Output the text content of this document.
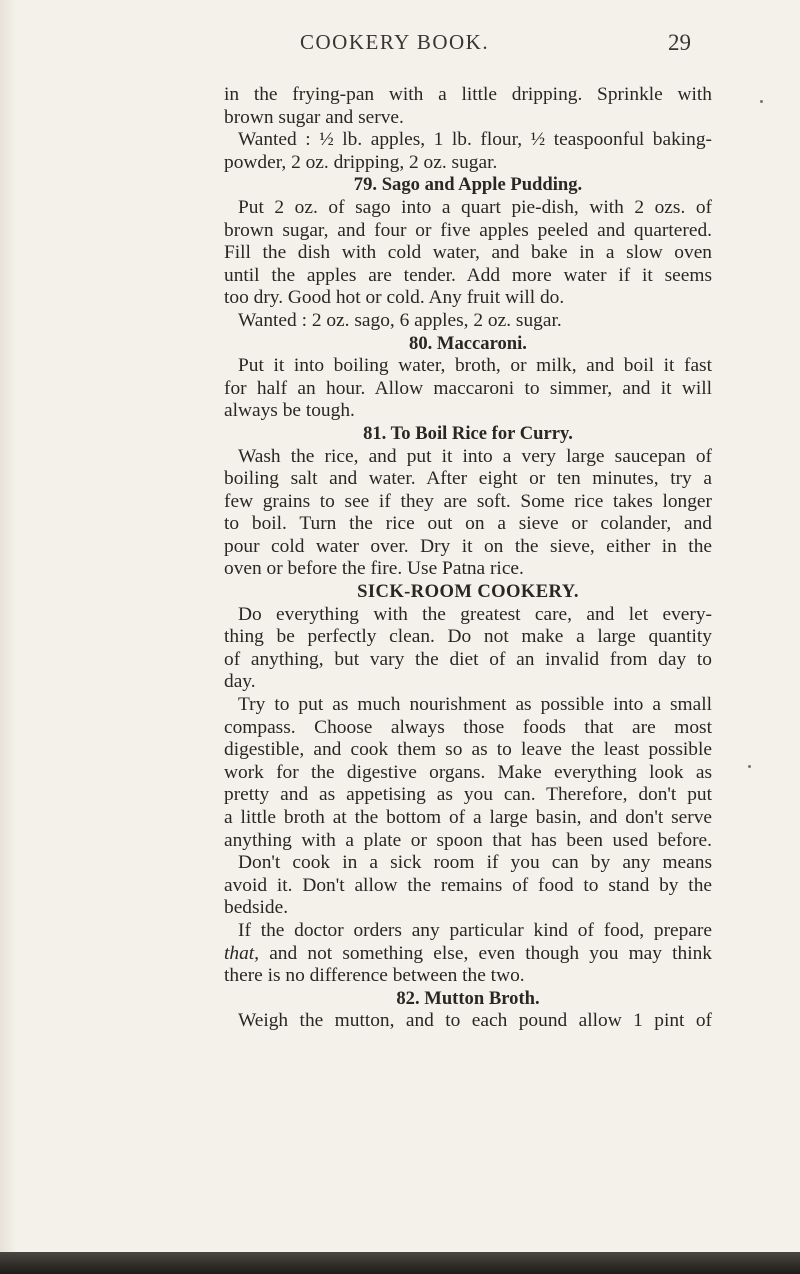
COOKERY BOOK.	29
in the frying-pan with a little dripping. Sprinkle with
brown sugar and serve.
Wanted : ½ lb. apples, 1 lb. flour, ½ teaspoonful baking-
powder, 2 oz. dripping, 2 oz. sugar.
79. Sago and Apple Pudding.
Put 2 oz. of sago into a quart pie-dish, with 2 ozs. of
brown sugar, and four or five apples peeled and quartered.
Fill the dish with cold water, and bake in a slow oven
until the apples are tender. Add more water if it seems
too dry. Good hot or cold. Any fruit will do.
Wanted : 2 oz. sago, 6 apples, 2 oz. sugar.
80. Maccaroni.
Put it into boiling water, broth, or milk, and boil it fast
for half an hour. Allow maccaroni to simmer, and it will
always be tough.
81. To Boil Rice for Curry.
Wash the rice, and put it into a very large saucepan of
boiling salt and water. After eight or ten minutes, try a
few grains to see if they are soft. Some rice takes longer
to boil. Turn the rice out on a sieve or colander, and
pour cold water over. Dry it on the sieve, either in the
oven or before the fire. Use Patna rice.
SICK-ROOM COOKERY.
Do everything with the greatest care, and let every-
thing be perfectly clean. Do not make a large quantity
of anything, but vary the diet of an invalid from day to
day.
Try to put as much nourishment as possible into a small
compass. Choose always those foods that are most
digestible, and cook them so as to leave the least possible
work for the digestive organs. Make everything look as
pretty and as appetising as you can. Therefore, don't put
a little broth at the bottom of a large basin, and don't serve
anything with a plate or spoon that has been used before.
Don't cook in a sick room if you can by any means
avoid it. Don't allow the remains of food to stand by the
bedside.
If the doctor orders any particular kind of food, prepare
that, and not something else, even though you may think
there is no difference between the two.
82. Mutton Broth.
Weigh the mutton, and to each pound allow 1 pint of
